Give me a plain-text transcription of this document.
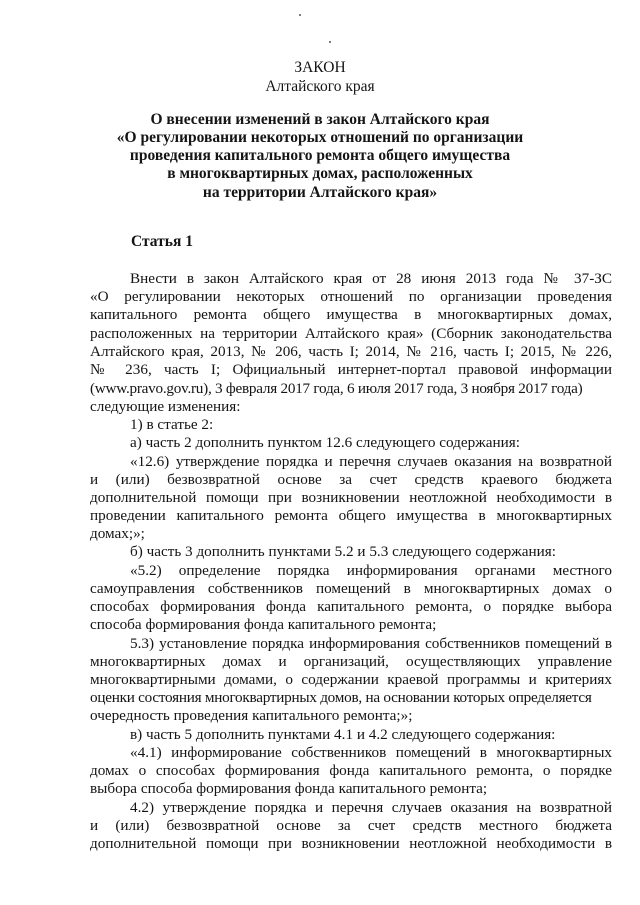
ЗАКОН
Алтайского края
О внесении изменений в закон Алтайского края
«О регулировании некоторых отношений по организации
проведения капитального ремонта общего имущества
в многоквартирных домах, расположенных
на территории Алтайского края»
Статья 1
Внести в закон Алтайского края от 28 июня 2013 года № 37-ЗС
«О регулировании некоторых отношений по организации проведения
капитального ремонта общего имущества в многоквартирных домах,
расположенных на территории Алтайского края» (Сборник законодательства
Алтайского края, 2013, № 206, часть I; 2014, № 216, часть I; 2015, № 226,
№ 236, часть I; Официальный интернет-портал правовой информации
(www.pravo.gov.ru), 3 февраля 2017 года, 6 июля 2017 года, 3 ноября 2017 года)
следующие изменения:
1) в статье 2:
а) часть 2 дополнить пунктом 12.6 следующего содержания:
«12.6) утверждение порядка и перечня случаев оказания на возвратной
и (или) безвозвратной основе за счет средств краевого бюджета
дополнительной помощи при возникновении неотложной необходимости в
проведении капитального ремонта общего имущества в многоквартирных
домах;»;
б) часть 3 дополнить пунктами 5.2 и 5.3 следующего содержания:
«5.2) определение порядка информирования органами местного
самоуправления собственников помещений в многоквартирных домах о
способах формирования фонда капитального ремонта, о порядке выбора
способа формирования фонда капитального ремонта;
5.3) установление порядка информирования собственников помещений в
многоквартирных домах и организаций, осуществляющих управление
многоквартирными домами, о содержании краевой программы и критериях
оценки состояния многоквартирных домов, на основании которых определяется
очередность проведения капитального ремонта;»;
в) часть 5 дополнить пунктами 4.1 и 4.2 следующего содержания:
«4.1) информирование собственников помещений в многоквартирных
домах о способах формирования фонда капитального ремонта, о порядке
выбора способа формирования фонда капитального ремонта;
4.2) утверждение порядка и перечня случаев оказания на возвратной
и (или) безвозвратной основе за счет средств местного бюджета
дополнительной помощи при возникновении неотложной необходимости в
